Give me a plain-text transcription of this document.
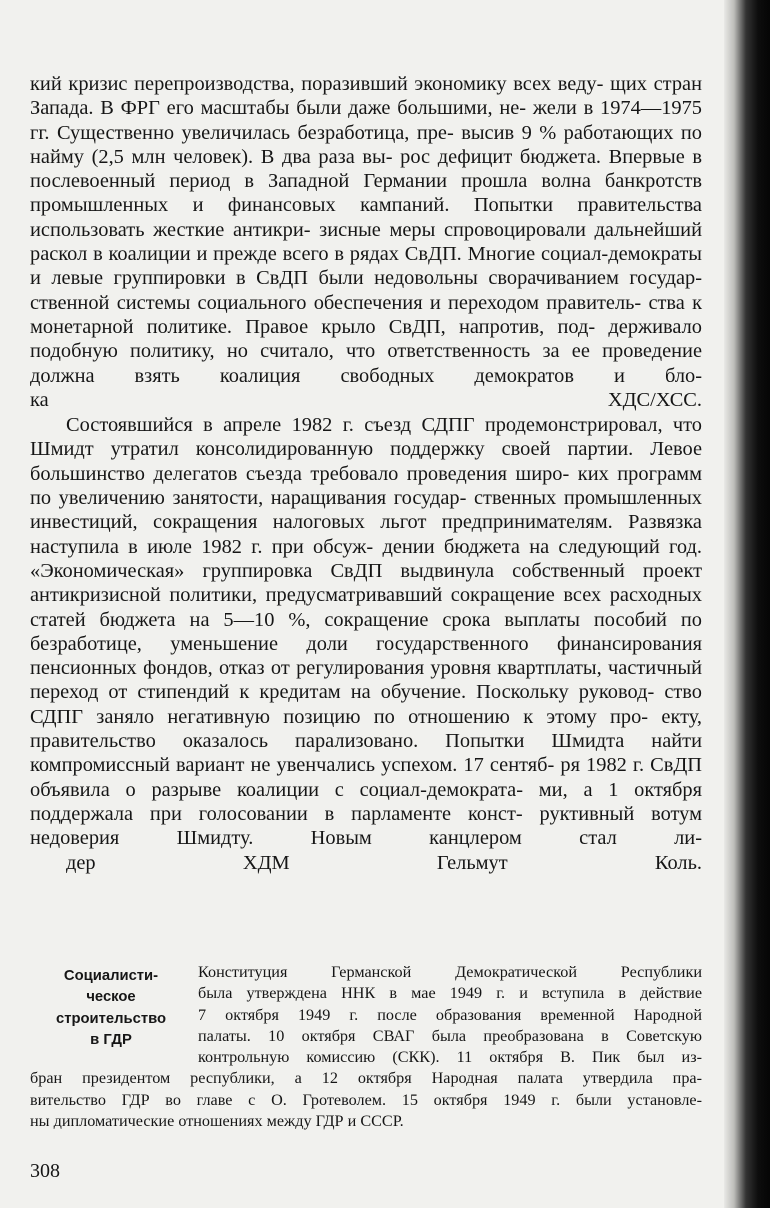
кий кризис перепроизводства, поразивший экономику всех веду- щих стран Запада. В ФРГ его масштабы были даже большими, не- жели в 1974—1975 гг. Существенно увеличилась безработица, пре- высив 9 % работающих по найму (2,5 млн человек). В два раза вы- рос дефицит бюджета. Впервые в послевоенный период в Западной Германии прошла волна банкротств промышленных и финансовых кампаний. Попытки правительства использовать жесткие антикри- зисные меры спровоцировали дальнейший раскол в коалиции и прежде всего в рядах СвДП. Многие социал-демократы и левые группировки в СвДП были недовольны сворачиванием государ- ственной системы социального обеспечения и переходом правитель- ства к монетарной политике. Правое крыло СвДП, напротив, под- держивало подобную политику, но считало, что ответственность за ее проведение должна взять коалиция свободных демократов и бло-
ка ХДС/ХСС.

Состоявшийся в апреле 1982 г. съезд СДПГ продемонстрировал, что Шмидт утратил консолидированную поддержку своей партии. Левое большинство делегатов съезда требовало проведения широ- ких программ по увеличению занятости, наращивания государ- ственных промышленных инвестиций, сокращения налоговых льгот предпринимателям. Развязка наступила в июле 1982 г. при обсуж- дении бюджета на следующий год. «Экономическая» группировка СвДП выдвинула собственный проект антикризисной политики, предусматривавший сокращение всех расходных статей бюджета на 5—10 %, сокращение срока выплаты пособий по безработице, уменьшение доли государственного финансирования пенсионных фондов, отказ от регулирования уровня квартплаты, частичный переход от стипендий к кредитам на обучение. Поскольку руковод- ство СДПГ заняло негативную позицию по отношению к этому про- екту, правительство оказалось парализовано. Попытки Шмидта найти компромиссный вариант не увенчались успехом. 17 сентяб- ря 1982 г. СвДП объявила о разрыве коалиции с социал-демократа- ми, а 1 октября поддержала при голосовании в парламенте конст- руктивный вотум недоверия Шмидту. Новым канцлером стал ли-
дер ХДМ Гельмут Коль.

Социалисти-
ческое
строительство
в ГДР
Конституция Германской Демократической Республики
была утверждена ННК в мае 1949 г. и вступила в действие
7 октября 1949 г. после образования временной Народной
палаты. 10 октября СВАГ была преобразована в Советскую
контрольную комиссию (СКК). 11 октября В. Пик был из-
бран президентом республики, а 12 октября Народная палата утвердила пра-
вительство ГДР во главе с О. Гротеволем. 15 октября 1949 г. были установле-
ны дипломатические отношениях между ГДР и СССР.
308
